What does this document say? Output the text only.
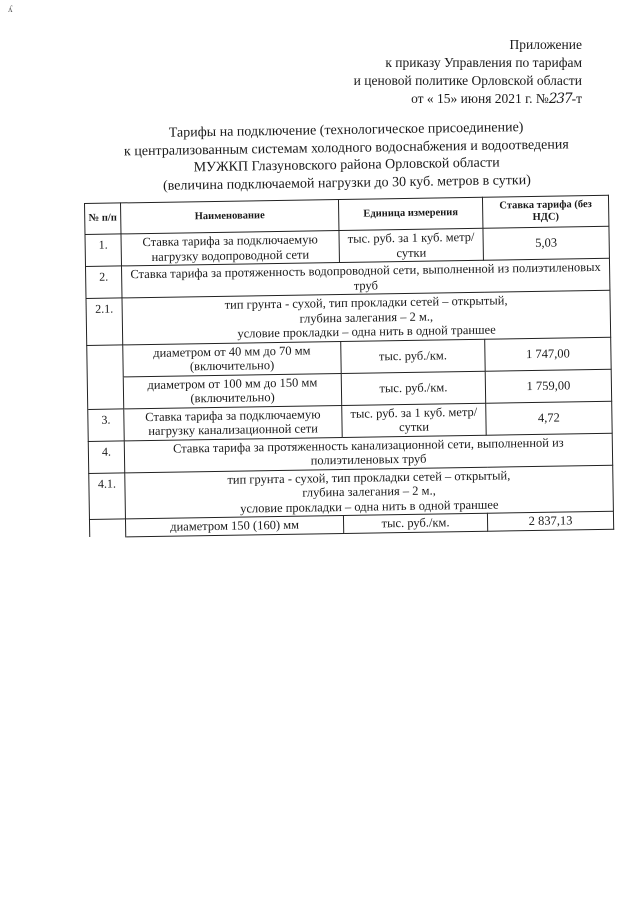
ʎ
Приложение
к приказу Управления по тарифам
и ценовой политике Орловской области
от « 15» июня 2021 г. №237-т
Тарифы на подключение (технологическое присоединение)
к централизованным системам холодного водоснабжения и водоотведения
МУЖКП Глазуновского района Орловской области
(величина подключаемой нагрузки до 30 куб. метров в сутки)
№ п/п	Наименование	Единица измерения	Ставка тарифа (без НДС)
1.	Ставка тарифа за подключаемую нагрузку водопроводной сети	тыс. руб. за 1 куб. метр/сутки	5,03
2.	Ставка тарифа за протяженность водопроводной сети, выполненной из полиэтиленовых труб		
2.1.	тип грунта - сухой, тип прокладки сетей – открытый,
глубина залегания – 2 м.,
условие прокладки – одна нить в одной траншее		

	диаметром от 40 мм до 70 мм (включительно)	тыс. руб./км.	1 747,00
	диаметром от 100 мм до 150 мм (включительно)	тыс. руб./км.	1 759,00
3.	Ставка тарифа за подключаемую нагрузку канализационной сети	тыс. руб. за 1 куб. метр/сутки	4,72
4.	Ставка тарифа за протяженность канализационной сети, выполненной из полиэтиленовых труб		
4.1.	тип грунта - сухой, тип прокладки сетей – открытый,
глубина залегания – 2 м.,
условие прокладки – одна нить в одной траншее		

	диаметром 150 (160) мм	тыс. руб./км.	2 837,13
